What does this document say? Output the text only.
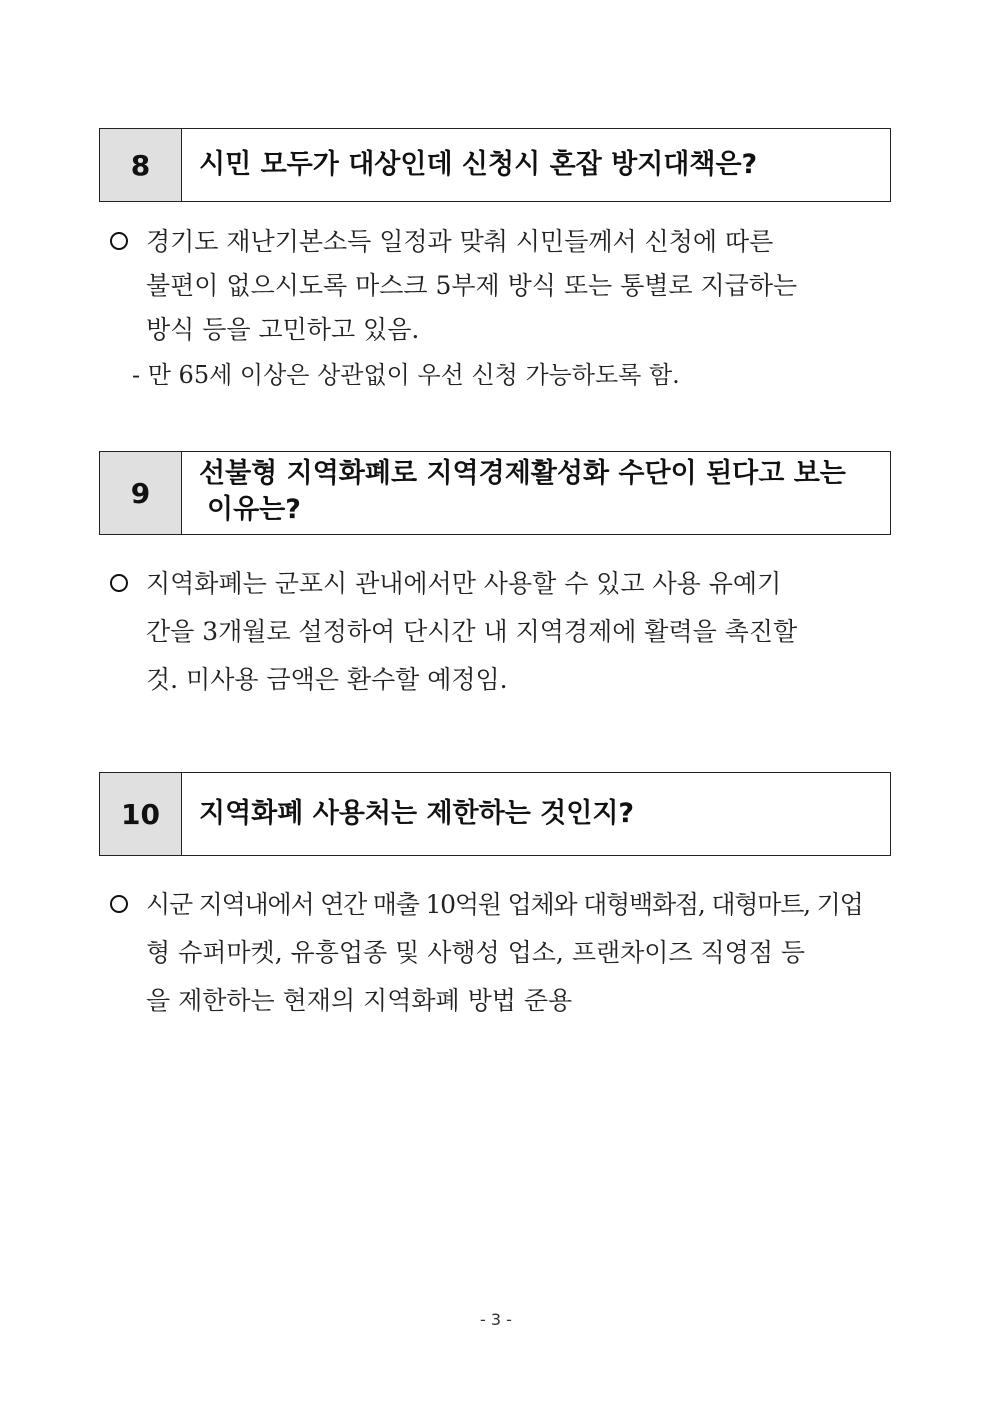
8	시민 모두가 대상인데 신청시 혼잡 방지대책은?
경기도 재난기본소득 일정과 맞춰 시민들께서 신청에 따른
불편이 없으시도록 마스크 5부제 방식 또는 통별로 지급하는
방식 등을 고민하고 있음.
- 만 65세 이상은 상관없이 우선 신청 가능하도록 함.
9
선불형 지역화폐로 지역경제활성화 수단이 된다고 보는
이유는?
지역화폐는 군포시 관내에서만 사용할 수 있고 사용 유예기
간을 3개월로 설정하여 단시간 내 지역경제에 활력을 촉진할
것. 미사용 금액은 환수할 예정임.
10	지역화폐 사용처는 제한하는 것인지?
시군 지역내에서 연간 매출 10억원 업체와 대형백화점, 대형마트, 기업
형 슈퍼마켓, 유흥업종 및 사행성 업소, 프랜차이즈 직영점 등
을 제한하는 현재의 지역화폐 방법 준용
- 3 -
